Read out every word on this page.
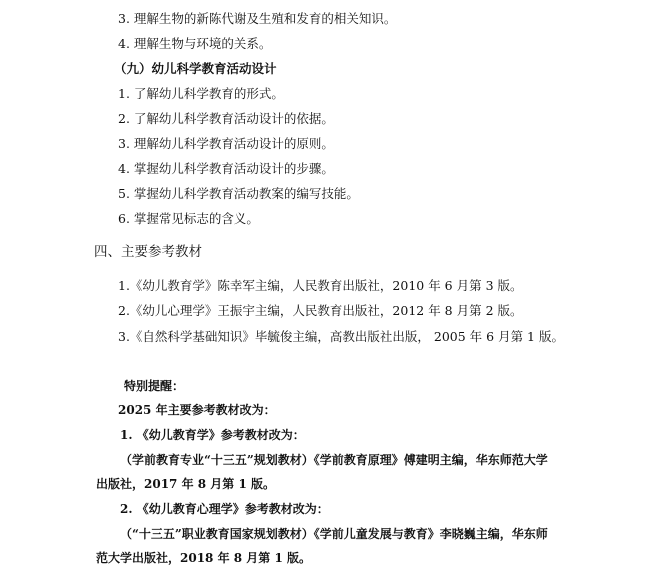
3. 理解生物的新陈代谢及生殖和发育的相关知识。
4. 理解生物与环境的关系。
（九）幼儿科学教育活动设计
1. 了解幼儿科学教育的形式。
2. 了解幼儿科学教育活动设计的依据。
3. 理解幼儿科学教育活动设计的原则。
4. 掌握幼儿科学教育活动设计的步骤。
5. 掌握幼儿科学教育活动教案的编写技能。
6. 掌握常见标志的含义。
四、主要参考教材
1.《幼儿教育学》陈幸军主编，人民教育出版社，2010 年 6 月第 3 版。
2.《幼儿心理学》王振宇主编，人民教育出版社，2012 年 8 月第 2 版。
3.《自然科学基础知识》毕毓俊主编，高教出版社出版， 2005 年 6 月第 1 版。
特别提醒：
2025 年主要参考教材改为：
1. 《幼儿教育学》参考教材改为：
（学前教育专业“十三五”规划教材）《学前教育原理》傅建明主编，华东师范大学
出版社，2017 年 8 月第 1 版。
2. 《幼儿教育心理学》参考教材改为：
（“十三五”职业教育国家规划教材）《学前儿童发展与教育》李晓巍主编，华东师
范大学出版社，2018 年 8 月第 1 版。
